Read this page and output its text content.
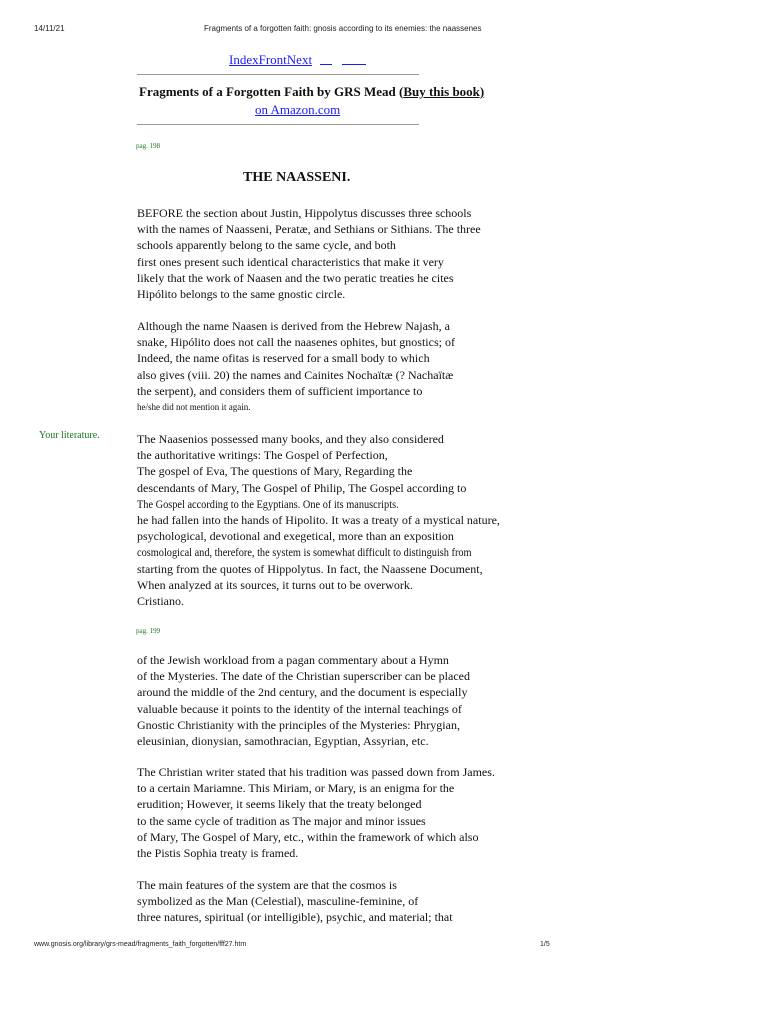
14/11/21	Fragments of a forgotten faith: gnosis according to its enemies: the naassenes
IndexFrontNext
Fragments of a Forgotten Faith by GRS Mead (Buy this book)
on Amazon.com
pag. 198
THE NAASSENI.
BEFORE the section about Justin, Hippolytus discusses three schools
with the names of Naasseni, Peratæ, and Sethians or Sithians. The three
schools apparently belong to the same cycle, and both
first ones present such identical characteristics that make it very
likely that the work of Naasen and the two peratic treaties he cites
Hipólito belongs to the same gnostic circle.
Although the name Naasen is derived from the Hebrew Najash, a
snake, Hipólito does not call the naasenes ophites, but gnostics; of
Indeed, the name ofitas is reserved for a small body to which
also gives (viii. 20) the names and Cainites Nochaïtæ (? Nachaïtæ
the serpent), and considers them of sufficient importance to
he/she did not mention it again.
Your literature.	The Naasenios possessed many books, and they also considered
the authoritative writings: The Gospel of Perfection,
The gospel of Eva, The questions of Mary, Regarding the
descendants of Mary, The Gospel of Philip, The Gospel according to
The Gospel according to the Egyptians. One of its manuscripts.
he had fallen into the hands of Hipolito. It was a treaty of a mystical nature,
psychological, devotional and exegetical, more than an exposition
cosmological and, therefore, the system is somewhat difficult to distinguish from
starting from the quotes of Hippolytus. In fact, the Naassene Document,
When analyzed at its sources, it turns out to be overwork.
Cristiano.
pag. 199
of the Jewish workload from a pagan commentary about a Hymn
of the Mysteries. The date of the Christian superscriber can be placed
around the middle of the 2nd century, and the document is especially
valuable because it points to the identity of the internal teachings of
Gnostic Christianity with the principles of the Mysteries: Phrygian,
eleusinian, dionysian, samothracian, Egyptian, Assyrian, etc.
The Christian writer stated that his tradition was passed down from James.
to a certain Mariamne. This Miriam, or Mary, is an enigma for the
erudition; However, it seems likely that the treaty belonged
to the same cycle of tradition as The major and minor issues
of Mary, The Gospel of Mary, etc., within the framework of which also
the Pistis Sophia treaty is framed.
The main features of the system are that the cosmos is
symbolized as the Man (Celestial), masculine-feminine, of
three natures, spiritual (or intelligible), psychic, and material; that
www.gnosis.org/library/grs-mead/fragments_faith_forgotten/fff27.htm	1/5
